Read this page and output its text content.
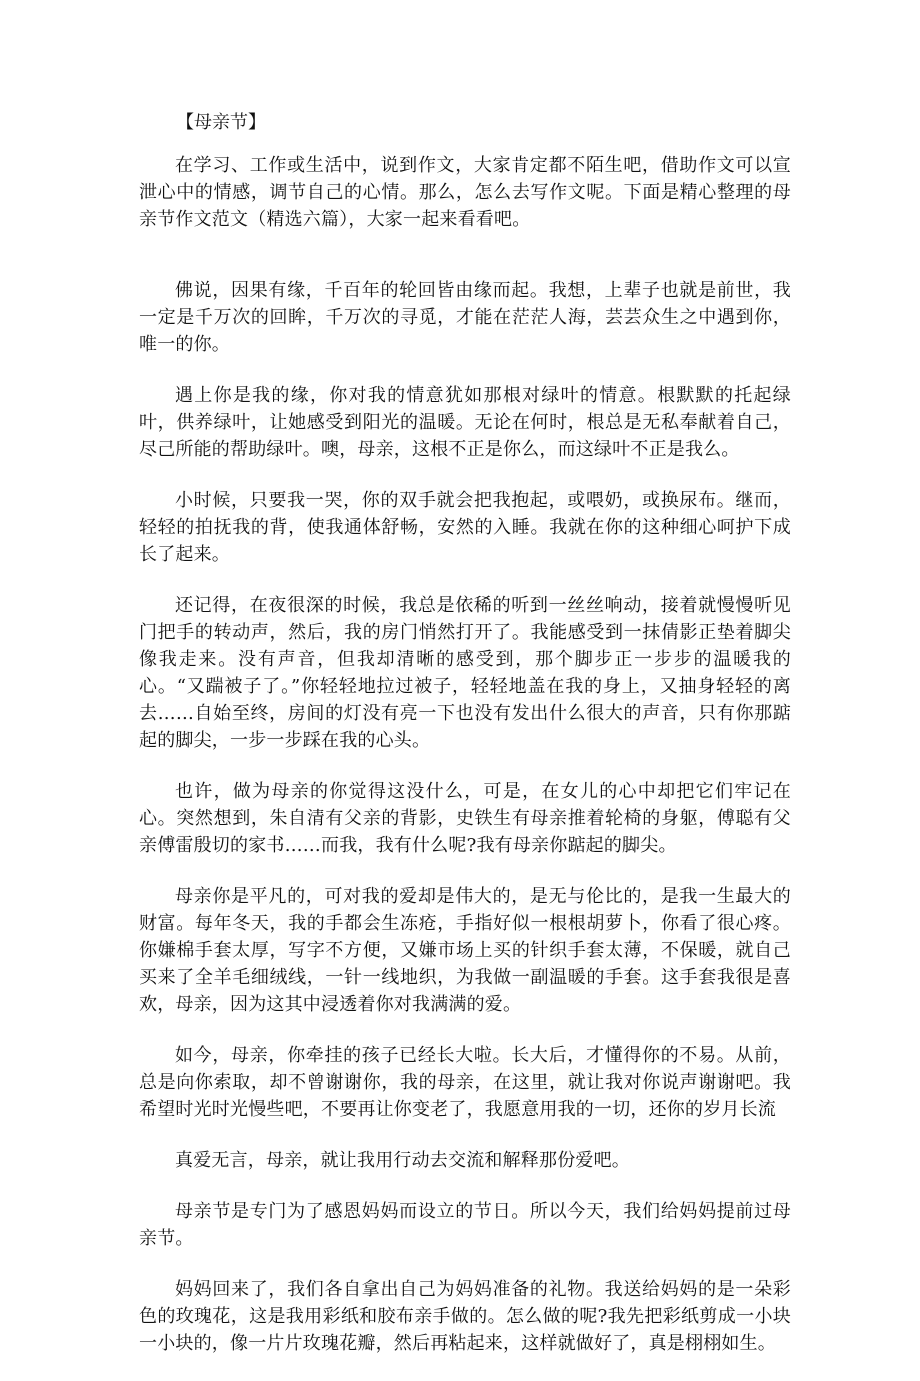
【母亲节】

在学习、工作或生活中，说到作文，大家肯定都不陌生吧，借助作文可以宣泄心中的情感，调节自己的心情。那么，怎么去写作文呢。下面是精心整理的母亲节作文范文（精选六篇），大家一起来看看吧。

佛说，因果有缘，千百年的轮回皆由缘而起。我想，上辈子也就是前世，我一定是千万次的回眸，千万次的寻觅，才能在茫茫人海，芸芸众生之中遇到你，唯一的你。

遇上你是我的缘，你对我的情意犹如那根对绿叶的情意。根默默的托起绿叶，供养绿叶，让她感受到阳光的温暖。无论在何时，根总是无私奉献着自己，尽己所能的帮助绿叶。噢，母亲，这根不正是你么，而这绿叶不正是我么。

小时候，只要我一哭，你的双手就会把我抱起，或喂奶，或换尿布。继而，轻轻的拍抚我的背，使我通体舒畅，安然的入睡。我就在你的这种细心呵护下成长了起来。

还记得，在夜很深的时候，我总是依稀的听到一丝丝响动，接着就慢慢听见门把手的转动声，然后，我的房门悄然打开了。我能感受到一抹倩影正垫着脚尖像我走来。没有声音，但我却清晰的感受到，那个脚步正一步步的温暖我的心。“又踹被子了。”你轻轻地拉过被子，轻轻地盖在我的身上，又抽身轻轻的离去……自始至终，房间的灯没有亮一下也没有发出什么很大的声音，只有你那踮起的脚尖，一步一步踩在我的心头。

也许，做为母亲的你觉得这没什么，可是，在女儿的心中却把它们牢记在心。突然想到，朱自清有父亲的背影，史铁生有母亲推着轮椅的身躯，傅聪有父亲傅雷殷切的家书……而我，我有什么呢?我有母亲你踮起的脚尖。

母亲你是平凡的，可对我的爱却是伟大的，是无与伦比的，是我一生最大的财富。每年冬天，我的手都会生冻疮，手指好似一根根胡萝卜，你看了很心疼。你嫌棉手套太厚，写字不方便，又嫌市场上买的针织手套太薄，不保暖，就自己买来了全羊毛细绒线，一针一线地织，为我做一副温暖的手套。这手套我很是喜欢，母亲，因为这其中浸透着你对我满满的爱。

如今，母亲，你牵挂的孩子已经长大啦。长大后，才懂得你的不易。从前，总是向你索取，却不曾谢谢你，我的母亲，在这里，就让我对你说声谢谢吧。我希望时光时光慢些吧，不要再让你变老了，我愿意用我的一切，还你的岁月长流

真爱无言，母亲，就让我用行动去交流和解释那份爱吧。

母亲节是专门为了感恩妈妈而设立的节日。所以今天，我们给妈妈提前过母亲节。

妈妈回来了，我们各自拿出自己为妈妈准备的礼物。我送给妈妈的是一朵彩色的玫瑰花，这是我用彩纸和胶布亲手做的。怎么做的呢?我先把彩纸剪成一小块一小块的，像一片片玫瑰花瓣，然后再粘起来，这样就做好了，真是栩栩如生。
